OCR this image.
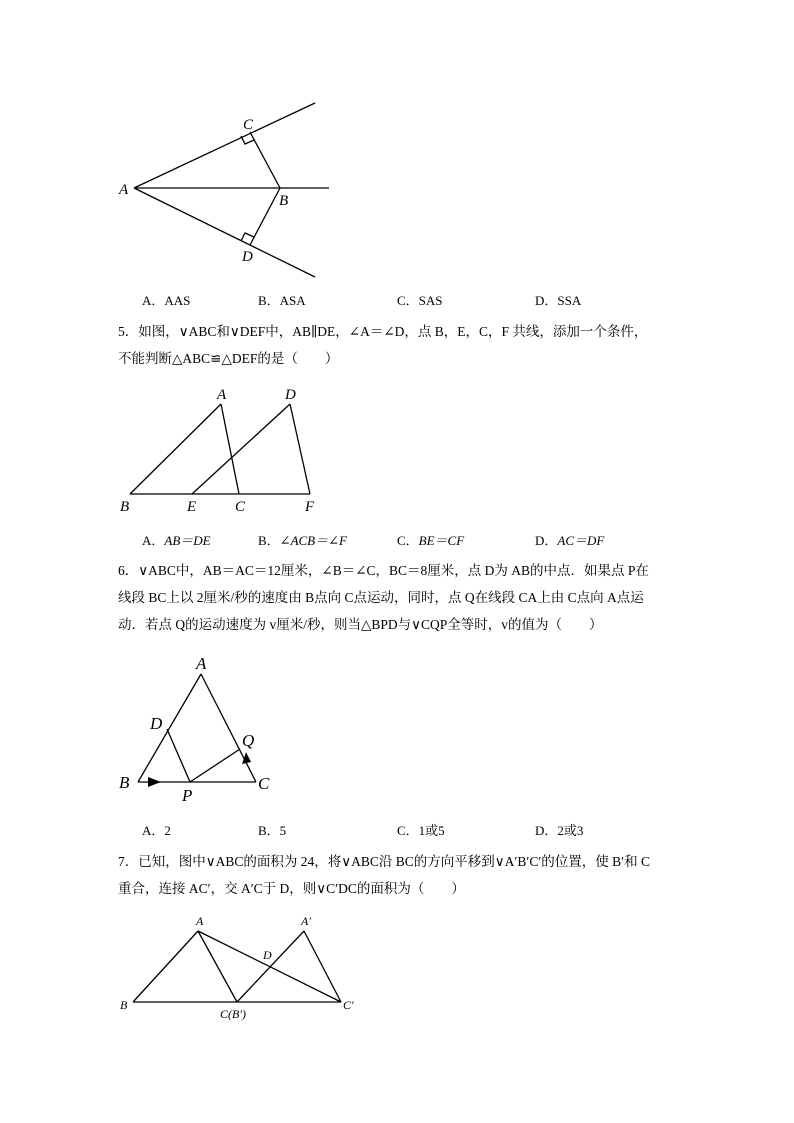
A
C
B
D
A．AAS	B．ASA	C．SAS	D．SSA

5．如图，∨ABC和∨DEF中，AB∥DE，∠A＝∠D，点 B，E，C，F 共线，添加一个条件，

不能判断△ABC≌△DEF的是（　　）

A	D
B	E	C	F
A．AB＝DE	B．∠ACB＝∠F	C．BE＝CF	D．AC＝DF

6．∨ABC中，AB＝AC＝12厘米，∠B＝∠C，BC＝8厘米，点 D为 AB的中点．如果点 P在

线段 BC上以 2厘米/秒的速度由 B点向 C点运动，同时，点 Q在线段 CA上由 C点向 A点运

动．若点 Q的运动速度为 v厘米/秒，则当△BPD与∨CQP全等时，v的值为（　　）

A
D
Q
B
P
C
A．2	B．5	C．1或5	D．2或3

7．已知，图中∨ABC的面积为 24，将∨ABC沿 BC的方向平移到∨A′B′C′的位置，使 B′和 C

重合，连接 AC′，交 A′C于 D，则∨C′DC的面积为（　　）

A	A′
D
B
C(B′)
C′
